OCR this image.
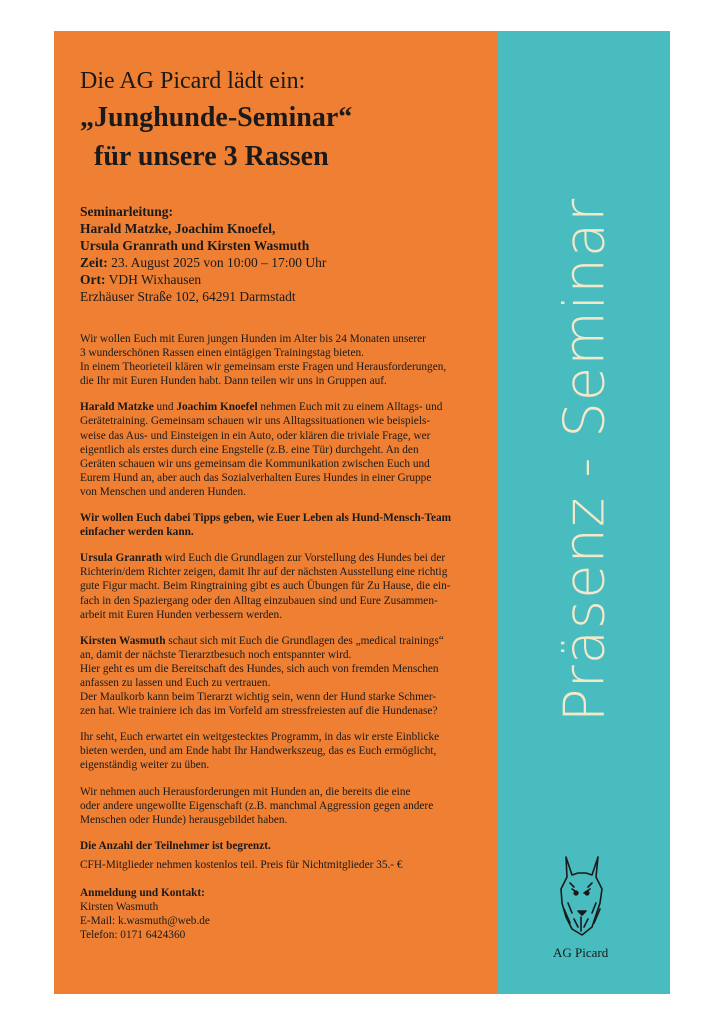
Die AG Picard lädt ein:
„Junghunde-Seminar“
für unsere 3 Rassen
Seminarleitung:
Harald Matzke, Joachim Knoefel,
Ursula Granrath und Kirsten Wasmuth
Zeit: 23. August 2025 von 10:00 – 17:00 Uhr
Ort: VDH Wixhausen
Erzhäuser Straße 102, 64291 Darmstadt

Wir wollen Euch mit Euren jungen Hunden im Alter bis 24 Monaten unserer
3 wunderschönen Rassen einen eintägigen Trainingstag bieten.
In einem Theorieteil klären wir gemeinsam erste Fragen und Herausforderungen,
die Ihr mit Euren Hunden habt. Dann teilen wir uns in Gruppen auf.

Harald Matzke und Joachim Knoefel nehmen Euch mit zu einem Alltags- und
Gerätetraining. Gemeinsam schauen wir uns Alltagssituationen wie beispiels-
weise das Aus- und Einsteigen in ein Auto, oder klären die triviale Frage, wer
eigentlich als erstes durch eine Engstelle (z.B. eine Tür) durchgeht. An den
Geräten schauen wir uns gemeinsam die Kommunikation zwischen Euch und
Eurem Hund an, aber auch das Sozialverhalten Eures Hundes in einer Gruppe
von Menschen und anderen Hunden.

Wir wollen Euch dabei Tipps geben, wie Euer Leben als Hund-Mensch-Team
einfacher werden kann.

Ursula Granrath wird Euch die Grundlagen zur Vorstellung des Hundes bei der
Richterin/dem Richter zeigen, damit Ihr auf der nächsten Ausstellung eine richtig
gute Figur macht. Beim Ringtraining gibt es auch Übungen für Zu Hause, die ein-
fach in den Spaziergang oder den Alltag einzubauen sind und Eure Zusammen-
arbeit mit Euren Hunden verbessern werden.

Kirsten Wasmuth schaut sich mit Euch die Grundlagen des „medical trainings“
an, damit der nächste Tierarztbesuch noch entspannter wird.
Hier geht es um die Bereitschaft des Hundes, sich auch von fremden Menschen
anfassen zu lassen und Euch zu vertrauen.
Der Maulkorb kann beim Tierarzt wichtig sein, wenn der Hund starke Schmer-
zen hat. Wie trainiere ich das im Vorfeld am stressfreiesten auf die Hundenase?

Ihr seht, Euch erwartet ein weitgestecktes Programm, in das wir erste Einblicke
bieten werden, und am Ende habt Ihr Handwerkszeug, das es Euch ermöglicht,
eigenständig weiter zu üben.

Wir nehmen auch Herausforderungen mit Hunden an, die bereits die eine
oder andere ungewollte Eigenschaft (z.B. manchmal Aggression gegen andere
Menschen oder Hunde) herausgebildet haben.

Die Anzahl der Teilnehmer ist begrenzt.
CFH-Mitglieder nehmen kostenlos teil. Preis für Nichtmitglieder 35.- €

Anmeldung und Kontakt:
Kirsten Wasmuth
E-Mail: k.wasmuth@web.de
Telefon: 0171 6424360

Präsenz - Seminar
AG Picard
